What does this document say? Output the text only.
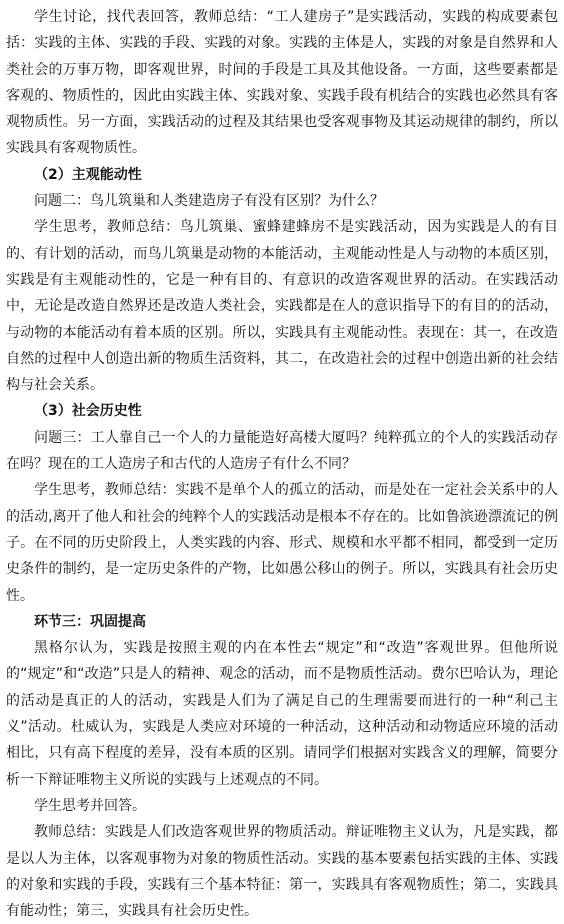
学生讨论，找代表回答，教师总结：“工人建房子”是实践活动，实践的构成要素包括：实践的主体、实践的手段、实践的对象。实践的主体是人，实践的对象是自然界和人类社会的万事万物，即客观世界，时间的手段是工具及其他设备。一方面，这些要素都是客观的、物质性的，因此由实践主体、实践对象、实践手段有机结合的实践也必然具有客观物质性。另一方面，实践活动的过程及其结果也受客观事物及其运动规律的制约，所以实践具有客观物质性。

（2）主观能动性

问题二：鸟儿筑巢和人类建造房子有没有区别？为什么？

学生思考，教师总结：鸟儿筑巢、蜜蜂建蜂房不是实践活动，因为实践是人的有目的、有计划的活动，而鸟儿筑巢是动物的本能活动，主观能动性是人与动物的本质区别，实践是有主观能动性的，它是一种有目的、有意识的改造客观世界的活动。在实践活动中，无论是改造自然界还是改造人类社会，实践都是在人的意识指导下的有目的的活动，与动物的本能活动有着本质的区别。所以，实践具有主观能动性。表现在：其一，在改造自然的过程中人创造出新的物质生活资料，其二，在改造社会的过程中创造出新的社会结构与社会关系。

（3）社会历史性

问题三：工人靠自己一个人的力量能造好高楼大厦吗？纯粹孤立的个人的实践活动存在吗？现在的工人造房子和古代的人造房子有什么不同？

学生思考，教师总结：实践不是单个人的孤立的活动，而是处在一定社会关系中的人的活动,离开了他人和社会的纯粹个人的实践活动是根本不存在的。比如鲁滨逊漂流记的例子。在不同的历史阶段上，人类实践的内容、形式、规模和水平都不相同，都受到一定历史条件的制约，是一定历史条件的产物，比如愚公移山的例子。所以，实践具有社会历史性。

环节三：巩固提高

黑格尔认为，实践是按照主观的内在本性去“规定”和“改造”客观世界。但他所说的“规定”和“改造”只是人的精神、观念的活动，而不是物质性活动。费尔巴哈认为，理论的活动是真正的人的活动，实践是人们为了满足自己的生理需要而进行的一种“利己主义”活动。杜威认为，实践是人类应对环境的一种活动，这种活动和动物适应环境的活动相比，只有高下程度的差异，没有本质的区别。请同学们根据对实践含义的理解，简要分析一下辩证唯物主义所说的实践与上述观点的不同。

学生思考并回答。

教师总结：实践是人们改造客观世界的物质活动。辩证唯物主义认为，凡是实践，都是以人为主体，以客观事物为对象的物质性活动。实践的基本要素包括实践的主体、实践的对象和实践的手段，实践有三个基本特征：第一，实践具有客观物质性；第二，实践具有能动性；第三，实践具有社会历史性。
